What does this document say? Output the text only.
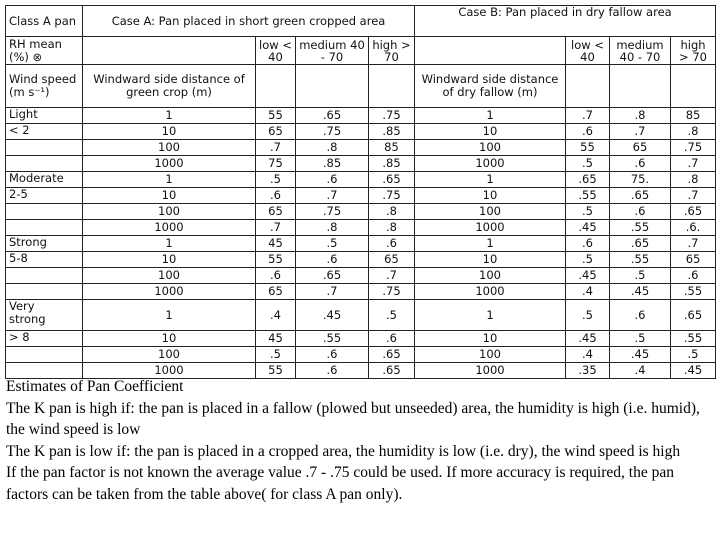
Class A pan	Case A: Pan placed in short green cropped area				Case B: Pan placed in dry fallow area			
RH mean (%) ⊗		low < 40	medium 40 - 70	high > 70		low < 40	medium 40 - 70	high > 70
Wind speed (m s⁻¹)	Windward side distance of green crop (m)				Windward side distance of dry fallow (m)			

Light	1	55	.65	.75	1	.7	.8	85

< 2	10	65	.75	.85	10	.6	.7	.8
	100	.7	.8	85	100	55	65	.75
	1000	75	.85	.85	1000	.5	.6	.7

Moderate	1	.5	.6	.65	1	.65	75.	.8

2-5	10	.6	.7	.75	10	.55	.65	.7
	100	65	.75	.8	100	.5	.6	.65
	1000	.7	.8	.8	1000	.45	.55	.6.

Strong	1	45	.5	.6	1	.6	.65	.7

5-8	10	55	.6	65	10	.5	.55	65
	100	.6	.65	.7	100	.45	.5	.6
	1000	65	.7	.75	1000	.4	.45	.55

Very
strong	1	.4	.45	.5	1	.5	.6	.65

> 8	10	45	.55	.6	10	.45	.5	.55
	100	.5	.6	.65	100	.4	.45	.5
	1000	55	.6	.65	1000	.35	.4	.45

Estimates of Pan Coefficient

The K pan is high if: the pan is placed in a fallow (plowed but unseeded) area, the humidity is high (i.e. humid), the wind speed is low

The K pan is low if: the pan is placed in a cropped area, the humidity is low (i.e. dry), the wind speed is high

If the pan factor is not known the average value .7 - .75 could be used. If more accuracy is required, the pan factors can be taken from the table above( for class A pan only).
